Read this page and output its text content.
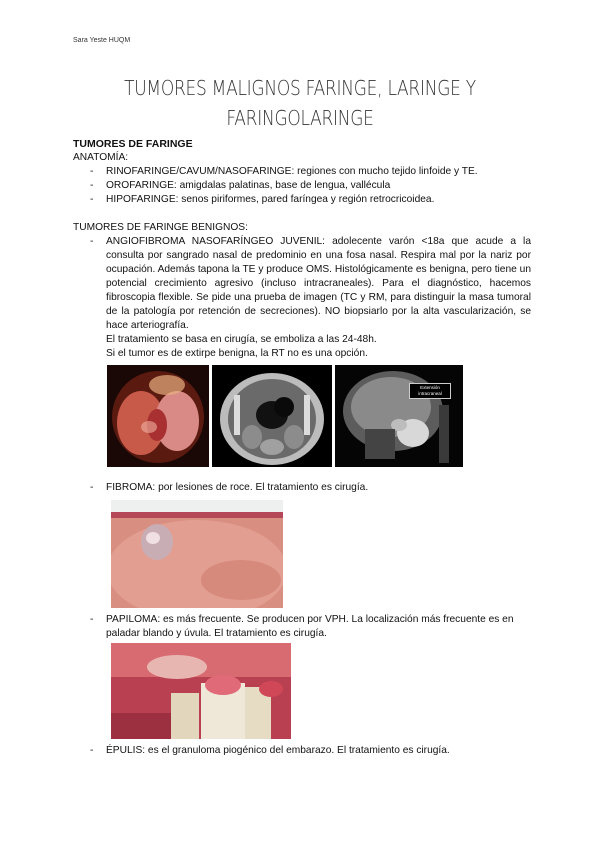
Sara Yeste HUQM
TUMORES MALIGNOS FARINGE, LARINGE Y
FARINGOLARINGE
TUMORES DE FARINGE
ANATOMÍA:
- RINOFARINGE/CAVUM/NASOFARINGE: regiones con mucho tejido linfoide y TE.
- OROFARINGE: amigdalas palatinas, base de lengua, vallécula
- HIPOFARINGE: senos piriformes, pared faríngea y región retrocricoidea.
TUMORES DE FARINGE BENIGNOS:
- ANGIOFIBROMA NASOFARÍNGEO JUVENIL: adolecente varón <18a que acude a la consulta por sangrado nasal de predominio en una fosa nasal. Respira mal por la nariz por ocupación. Además tapona la TE y produce OMS. Histológicamente es benigna, pero tiene un potencial crecimiento agresivo (incluso intracraneales). Para el diagnóstico, hacemos fibroscopia flexible. Se pide una prueba de imagen (TC y RM, para distinguir la masa tumoral de la patología por retención de secreciones). NO biopsiarlo por la alta vascularización, se hace arteriografía.
El tratamiento se basa en cirugía, se emboliza a las 24-48h.
Si el tumor es de extirpe benigna, la RT no es una opción.
Extensión intracraneal
- FIBROMA: por lesiones de roce. El tratamiento es cirugía.
- PAPILOMA: es más frecuente. Se producen por VPH. La localización más frecuente es en paladar blando y úvula. El tratamiento es cirugía.
- ÉPULIS: es el granuloma piogénico del embarazo. El tratamiento es cirugía.
